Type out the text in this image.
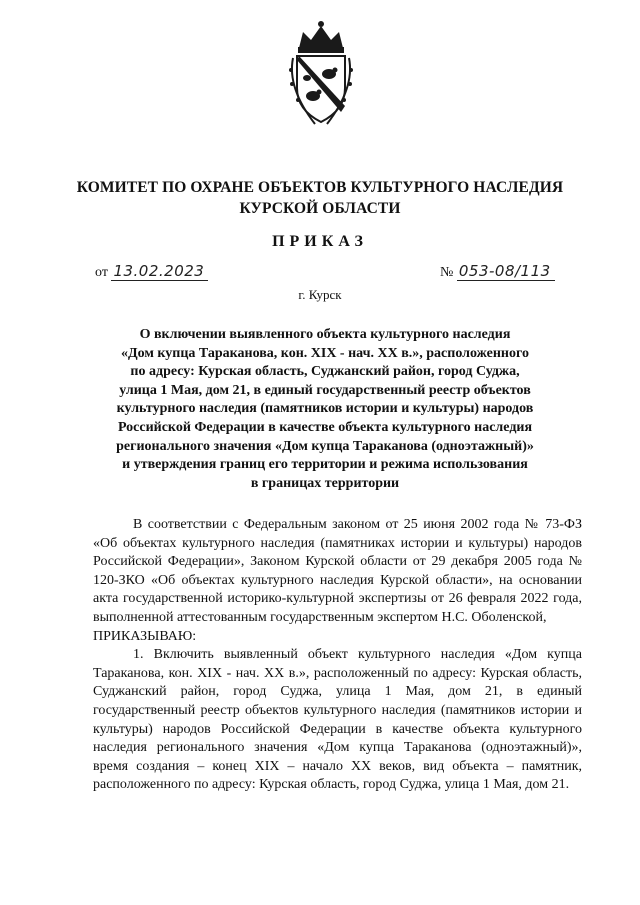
КОМИТЕТ ПО ОХРАНЕ ОБЪЕКТОВ КУЛЬТУРНОГО НАСЛЕДИЯ
КУРСКОЙ ОБЛАСТИ
ПРИКАЗ
от 13.02.2023	№ 053-08/113
г. Курск
О включении выявленного объекта культурного наследия
«Дом купца Тараканова, кон. XIX - нач. XX в.», расположенного
по адресу: Курская область, Суджанский район, город Суджа,
улица 1 Мая, дом 21, в единый государственный реестр объектов
культурного наследия (памятников истории и культуры) народов
Российской Федерации в качестве объекта культурного наследия
регионального значения «Дом купца Тараканова (одноэтажный)»
и утверждения границ его территории и режима использования
в границах территории

В соответствии с Федеральным законом от 25 июня 2002 года № 73-ФЗ «Об объектах культурного наследия (памятниках истории и культуры) народов Российской Федерации», Законом Курской области от 29 декабря 2005 года № 120-ЗКО «Об объектах культурного наследия Курской области», на основании акта государственной историко-культурной экспертизы от 26 февраля 2022 года, выполненной аттестованным государственным экспертом Н.С. Оболенской,

ПРИКАЗЫВАЮ:

1. Включить выявленный объект культурного наследия «Дом купца Тараканова, кон. XIX - нач. XX в.», расположенный по адресу: Курская область, Суджанский район, город Суджа, улица 1 Мая, дом 21, в единый государственный реестр объектов культурного наследия (памятников истории и культуры) народов Российской Федерации в качестве объекта культурного наследия регионального значения «Дом купца Тараканова (одноэтажный)», время создания – конец XIX – начало XX веков, вид объекта – памятник, расположенного по адресу: Курская область, город Суджа, улица 1 Мая, дом 21.
